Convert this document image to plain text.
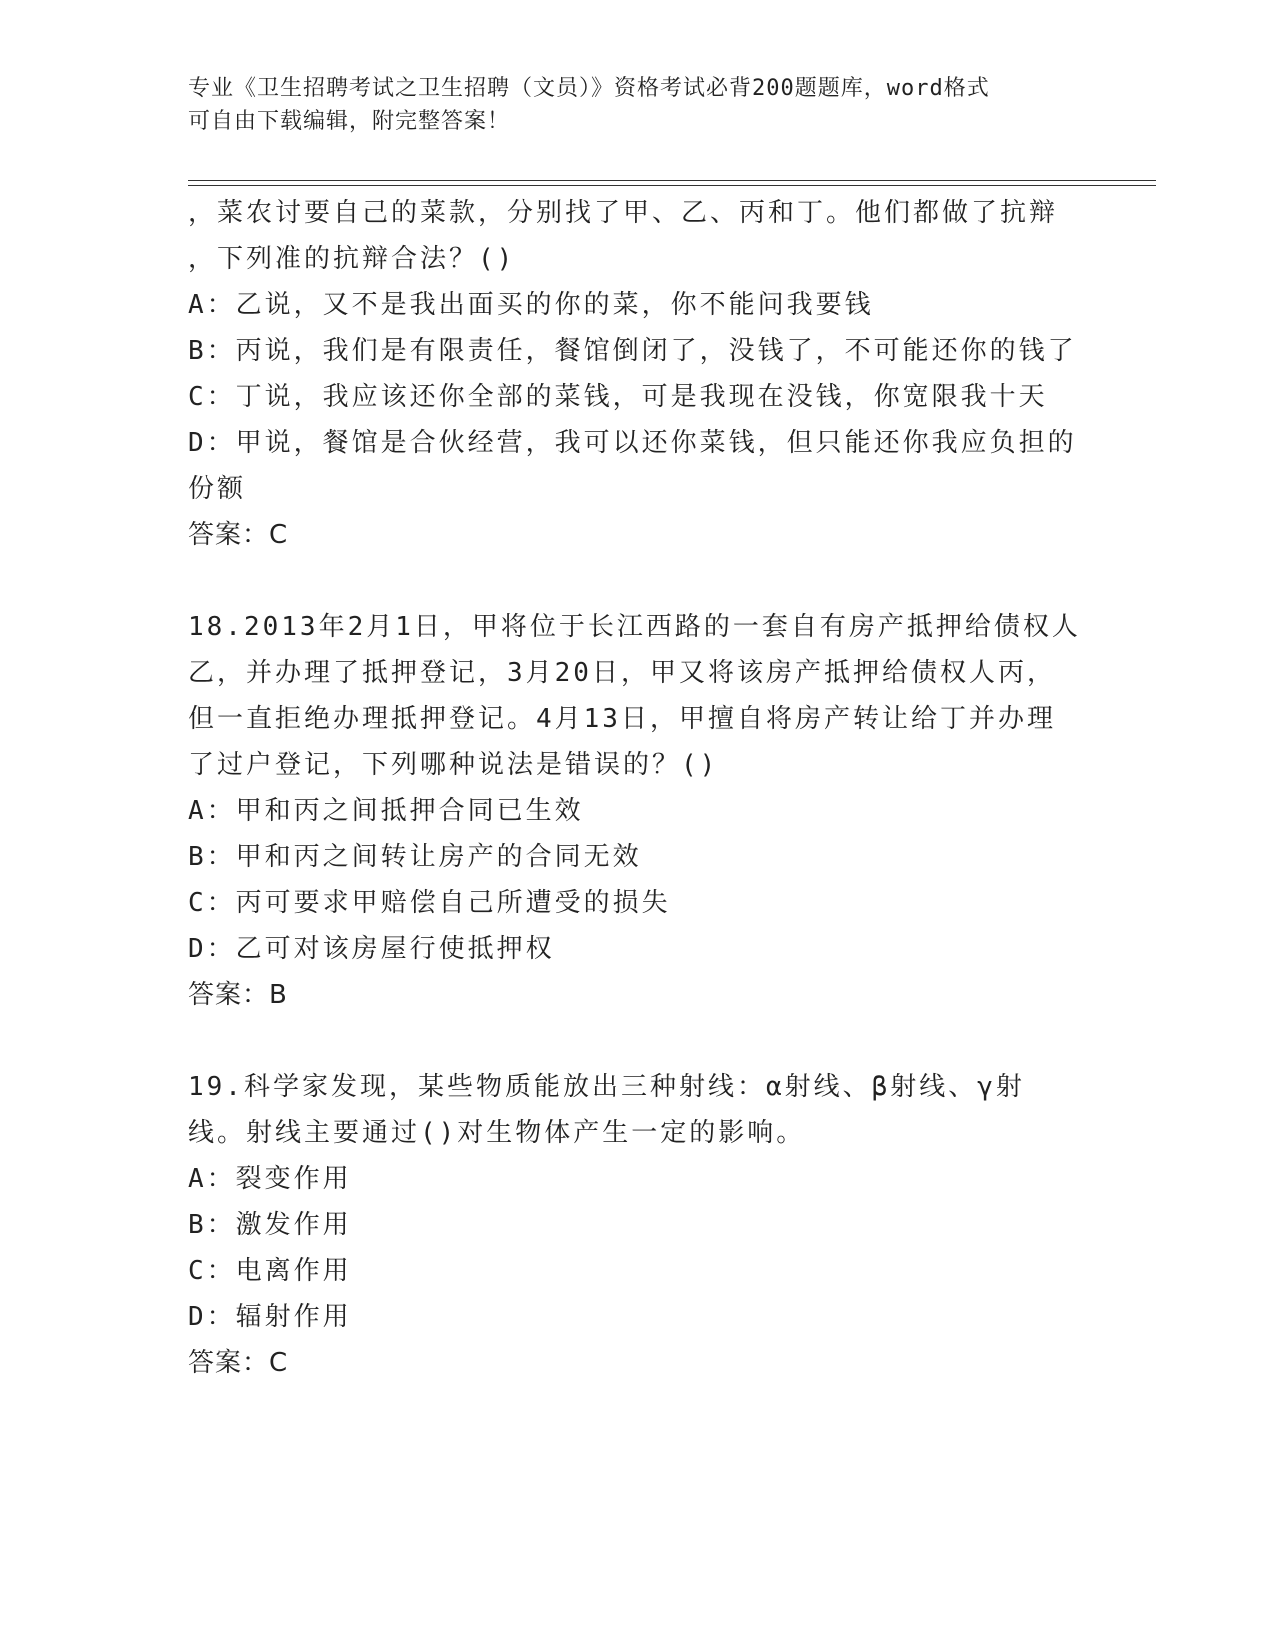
专业《卫生招聘考试之卫生招聘（文员）》资格考试必背200题题库，word格式
可自由下载编辑，附完整答案！
，菜农讨要自己的菜款，分别找了甲、乙、丙和丁。他们都做了抗辩
，下列准的抗辩合法？()
A：乙说，又不是我出面买的你的菜，你不能问我要钱
B：丙说，我们是有限责任，餐馆倒闭了，没钱了，不可能还你的钱了
C：丁说，我应该还你全部的菜钱，可是我现在没钱，你宽限我十天
D：甲说，餐馆是合伙经营，我可以还你菜钱，但只能还你我应负担的
份额
答案：C
18.2013年2月1日，甲将位于长江西路的一套自有房产抵押给债权人
乙，并办理了抵押登记，3月20日，甲又将该房产抵押给债权人丙，
但一直拒绝办理抵押登记。4月13日，甲擅自将房产转让给丁并办理
了过户登记，下列哪种说法是错误的？()
A：甲和丙之间抵押合同已生效
B：甲和丙之间转让房产的合同无效
C：丙可要求甲赔偿自己所遭受的损失
D：乙可对该房屋行使抵押权
答案：B
19.科学家发现，某些物质能放出三种射线：α射线、β射线、γ射
线。射线主要通过()对生物体产生一定的影响。
A：裂变作用
B：激发作用
C：电离作用
D：辐射作用
答案：C
